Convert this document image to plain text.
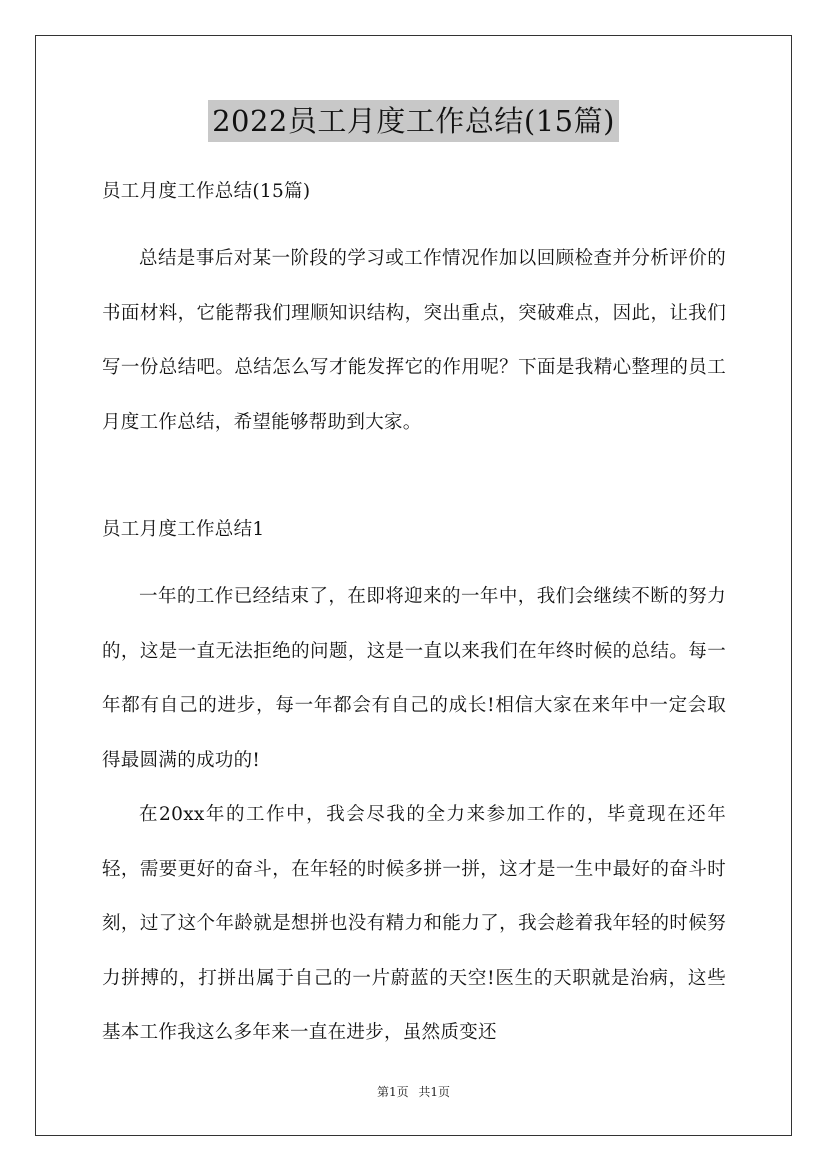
2022员工月度工作总结(15篇)

员工月度工作总结(15篇)

总结是事后对某一阶段的学习或工作情况作加以回顾检查并分析评价的书面材料，它能帮我们理顺知识结构，突出重点，突破难点，因此，让我们写一份总结吧。总结怎么写才能发挥它的作用呢？下面是我精心整理的员工月度工作总结，希望能够帮助到大家。

员工月度工作总结1

一年的工作已经结束了，在即将迎来的一年中，我们会继续不断的努力的，这是一直无法拒绝的问题，这是一直以来我们在年终时候的总结。每一年都有自己的进步，每一年都会有自己的成长!相信大家在来年中一定会取得最圆满的成功的!

在20xx年的工作中，我会尽我的全力来参加工作的，毕竟现在还年轻，需要更好的奋斗，在年轻的时候多拼一拼，这才是一生中最好的奋斗时刻，过了这个年龄就是想拼也没有精力和能力了，我会趁着我年轻的时候努力拼搏的，打拼出属于自己的一片蔚蓝的天空!医生的天职就是治病，这些基本工作我这么多年来一直在进步，虽然质变还

第1页 共1页
